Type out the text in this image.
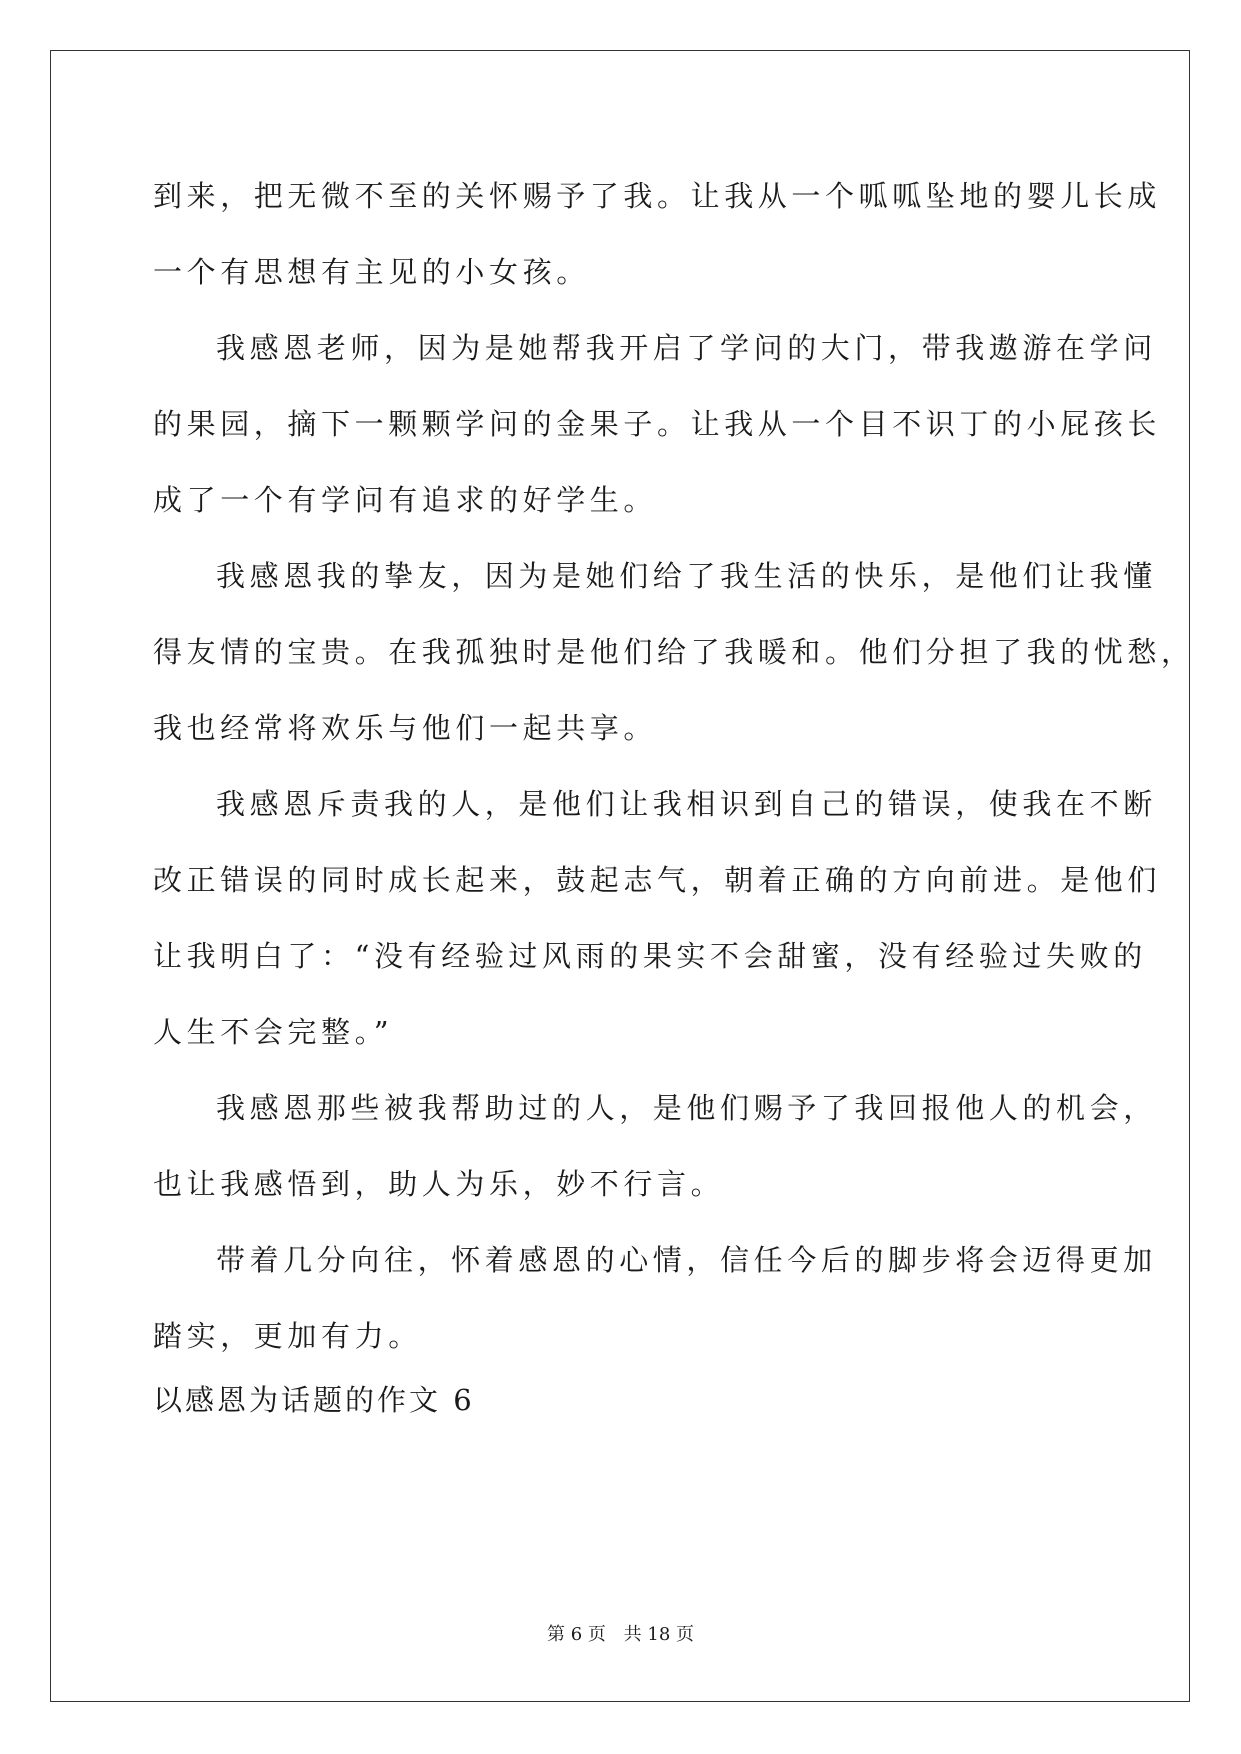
到来，把无微不至的关怀赐予了我。让我从一个呱呱坠地的婴儿长成
一个有思想有主见的小女孩。
我感恩老师，因为是她帮我开启了学问的大门，带我遨游在学问
的果园，摘下一颗颗学问的金果子。让我从一个目不识丁的小屁孩长
成了一个有学问有追求的好学生。
我感恩我的挚友，因为是她们给了我生活的快乐，是他们让我懂
得友情的宝贵。在我孤独时是他们给了我暖和。他们分担了我的忧愁，
我也经常将欢乐与他们一起共享。
我感恩斥责我的人，是他们让我相识到自己的错误，使我在不断
改正错误的同时成长起来，鼓起志气，朝着正确的方向前进。是他们
让我明白了：“没有经验过风雨的果实不会甜蜜，没有经验过失败的
人生不会完整。”
我感恩那些被我帮助过的人，是他们赐予了我回报他人的机会，
也让我感悟到，助人为乐，妙不行言。
带着几分向往，怀着感恩的心情，信任今后的脚步将会迈得更加
踏实，更加有力。
以感恩为话题的作文 6
第 6 页 共 18 页
